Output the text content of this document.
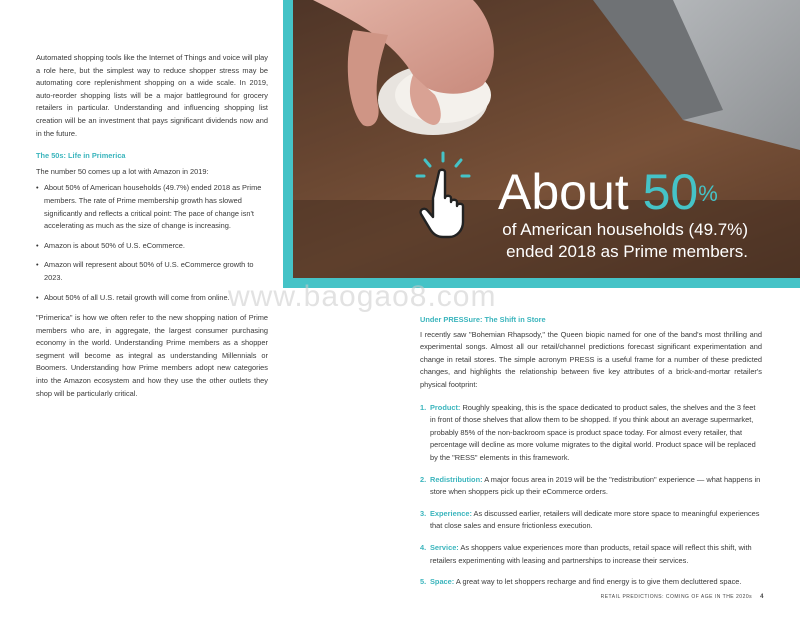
Automated shopping tools like the Internet of Things and voice will play a role here, but the simplest way to reduce shopper stress may be automating core replenishment shopping on a wide scale. In 2019, auto-reorder shopping lists will be a major battleground for grocery retailers in particular. Understanding and influencing shopping list creation will be an investment that pays significant dividends now and in the future.

The 50s: Life in Primerica

The number 50 comes up a lot with Amazon in 2019:

• About 50% of American households (49.7%) ended 2018 as Prime members. The rate of Prime membership growth has slowed significantly and reflects a critical point: The pace of change isn't accelerating as much as the size of change is increasing.
• Amazon is about 50% of U.S. eCommerce.
• Amazon will represent about 50% of U.S. eCommerce growth to 2023.
• About 50% of all U.S. retail growth will come from online.

"Primerica" is how we often refer to the new shopping nation of Prime members who are, in aggregate, the largest consumer purchasing economy in the world. Understanding Prime members as a shopper segment will become as integral as understanding Millennials or Boomers. Understanding how Prime members adopt new categories into the Amazon ecosystem and how they use the other outlets they shop will be particularly critical.

About 50%
of American households (49.7%) ended 2018 as Prime members.
www.baogao8.com
Under PRESSure: The Shift in Store

I recently saw "Bohemian Rhapsody," the Queen biopic named for one of the band's most thrilling and experimental songs. Almost all our retail/channel predictions forecast significant experimentation and change in retail stores. The simple acronym PRESS is a useful frame for a number of these predicted changes, and highlights the relationship between five key attributes of a brick-and-mortar retailer's physical footprint:

1. Product: Roughly speaking, this is the space dedicated to product sales, the shelves and the 3 feet in front of those shelves that allow them to be shopped. If you think about an average supermarket, probably 85% of the non-backroom space is product space today. For almost every retailer, that percentage will decline as more volume migrates to the digital world. Product space will be replaced by the "RESS" elements in this framework.
2. Redistribution: A major focus area in 2019 will be the "redistribution" experience — what happens in store when shoppers pick up their eCommerce orders.
3. Experience: As discussed earlier, retailers will dedicate more store space to meaningful experiences that close sales and ensure frictionless execution.
4. Service: As shoppers value experiences more than products, retail space will reflect this shift, with retailers experimenting with leasing and partnerships to increase their services.
5. Space: A great way to let shoppers recharge and find energy is to give them decluttered space.
RETAIL PREDICTIONS: COMING OF AGE IN THE 2020s 4
